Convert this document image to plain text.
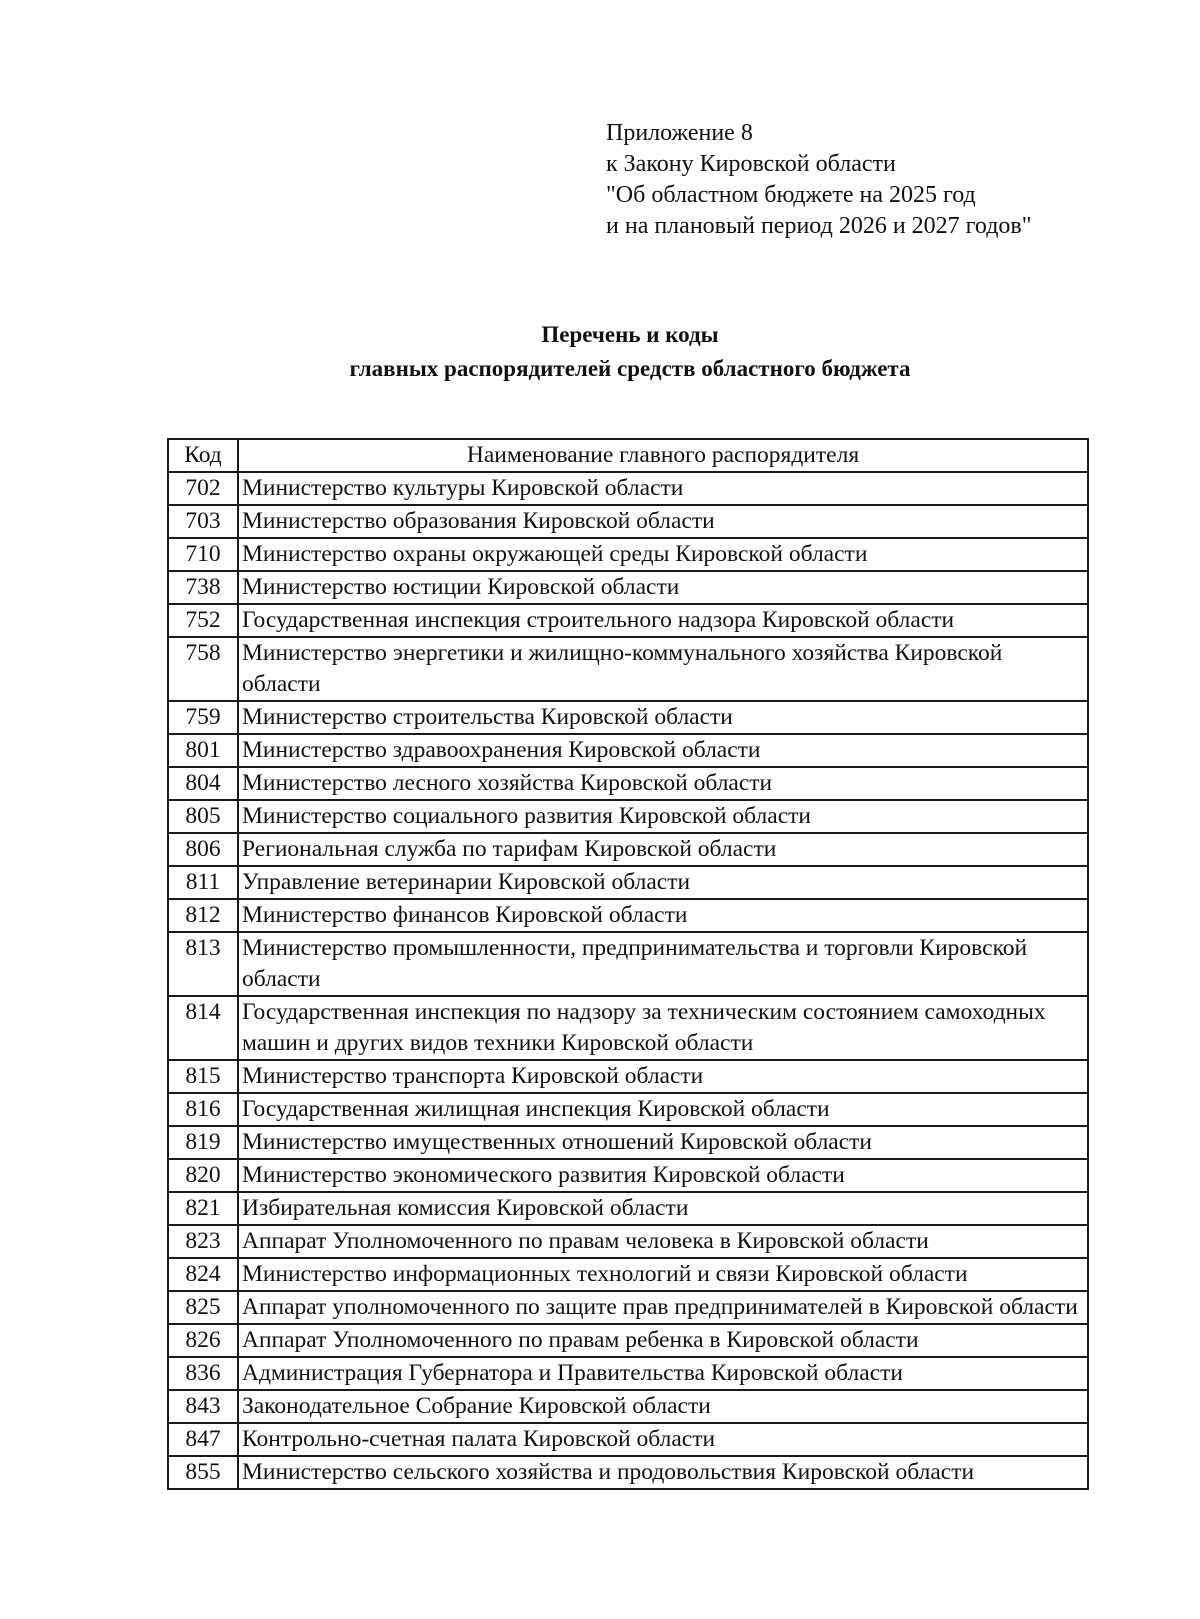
Приложение 8
к Закону Кировской области
"Об областном бюджете на 2025 год
и на плановый период 2026 и 2027 годов"
Перечень и коды
главных распорядителей средств областного бюджета
Код	Наименование главного распорядителя
702	Министерство культуры Кировской области
703	Министерство образования Кировской области
710	Министерство охраны окружающей среды Кировской области
738	Министерство юстиции Кировской области
752	Государственная инспекция строительного надзора Кировской области
758	Министерство энергетики и жилищно-коммунального хозяйства Кировской области
759	Министерство строительства Кировской области
801	Министерство здравоохранения Кировской области
804	Министерство лесного хозяйства Кировской области
805	Министерство социального развития Кировской области
806	Региональная служба по тарифам Кировской области
811	Управление ветеринарии Кировской области
812	Министерство финансов Кировской области
813	Министерство промышленности, предпринимательства и торговли Кировской области
814	Государственная инспекция по надзору за техническим состоянием самоходных машин и других видов техники Кировской области
815	Министерство транспорта Кировской области
816	Государственная жилищная инспекция Кировской области
819	Министерство имущественных отношений Кировской области
820	Министерство экономического развития Кировской области
821	Избирательная комиссия Кировской области
823	Аппарат Уполномоченного по правам человека в Кировской области
824	Министерство информационных технологий и связи Кировской области
825	Аппарат уполномоченного по защите прав предпринимателей в Кировской области
826	Аппарат Уполномоченного по правам ребенка в Кировской области
836	Администрация Губернатора и Правительства Кировской области
843	Законодательное Собрание Кировской области
847	Контрольно-счетная палата Кировской области
855	Министерство сельского хозяйства и продовольствия Кировской области
